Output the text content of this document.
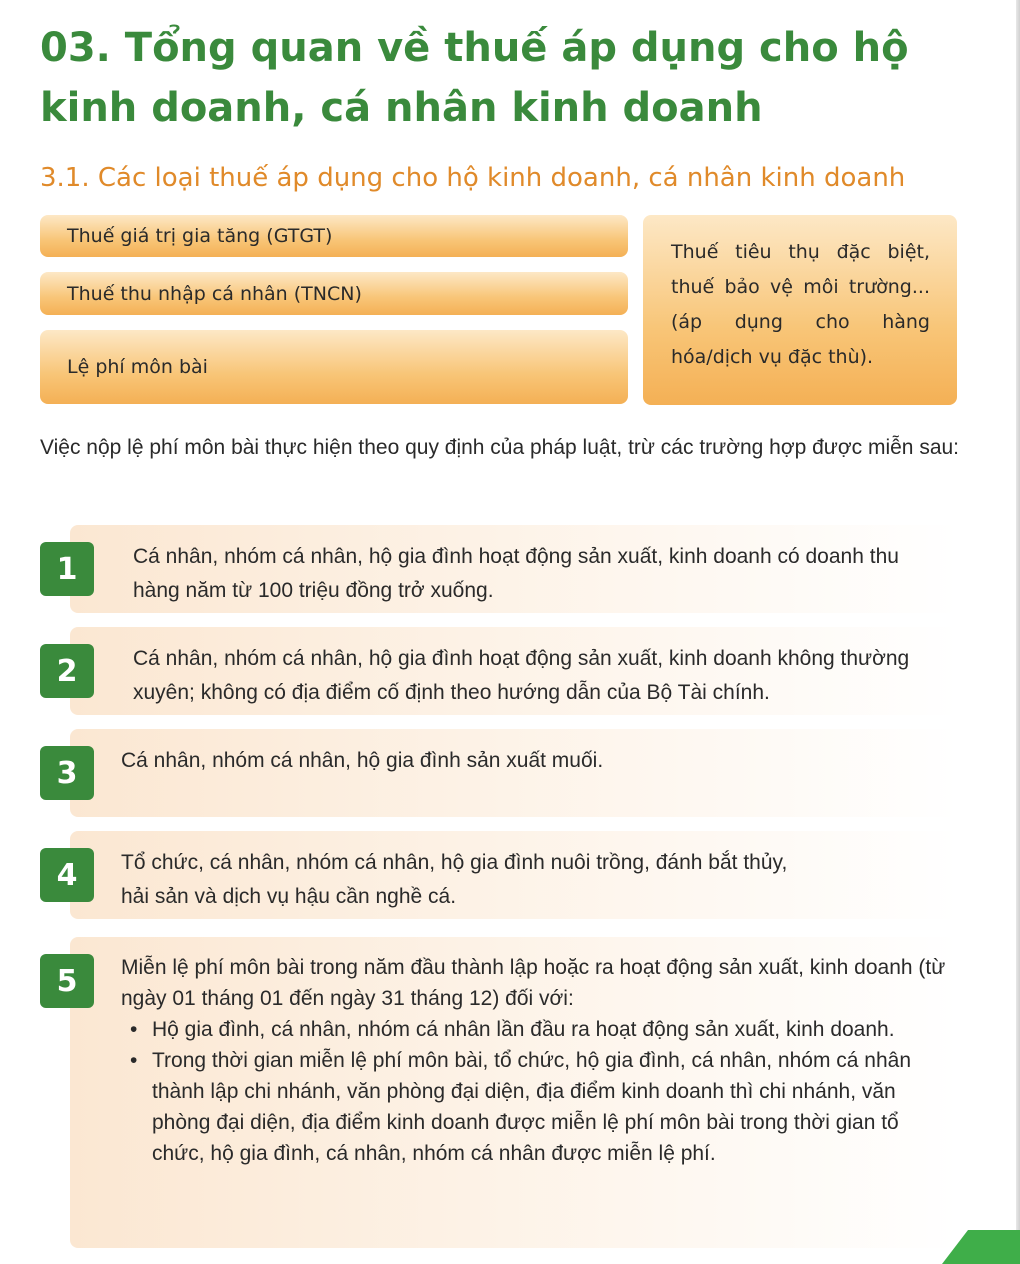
03. Tổng quan về thuế áp dụng cho hộ kinh doanh, cá nhân kinh doanh
3.1. Các loại thuế áp dụng cho hộ kinh doanh, cá nhân kinh doanh
Thuế giá trị gia tăng (GTGT)
Thuế thu nhập cá nhân (TNCN)
Lệ phí môn bài
Thuế tiêu thụ đặc biệt, thuế bảo vệ môi trường... (áp dụng cho hàng hóa/dịch vụ đặc thù).

Việc nộp lệ phí môn bài thực hiện theo quy định của pháp luật, trừ các trường hợp được miễn sau:

1	Cá nhân, nhóm cá nhân, hộ gia đình hoạt động sản xuất, kinh doanh có doanh thu hàng năm từ 100 triệu đồng trở xuống.

2	Cá nhân, nhóm cá nhân, hộ gia đình hoạt động sản xuất, kinh doanh không thường xuyên; không có địa điểm cố định theo hướng dẫn của Bộ Tài chính.

3	Cá nhân, nhóm cá nhân, hộ gia đình sản xuất muối.

4	Tổ chức, cá nhân, nhóm cá nhân, hộ gia đình nuôi trồng, đánh bắt thủy, hải sản và dịch vụ hậu cần nghề cá.

5	Miễn lệ phí môn bài trong năm đầu thành lập hoặc ra hoạt động sản xuất, kinh doanh (từ ngày 01 tháng 01 đến ngày 31 tháng 12) đối với:

• Hộ gia đình, cá nhân, nhóm cá nhân lần đầu ra hoạt động sản xuất, kinh doanh.
• Trong thời gian miễn lệ phí môn bài, tổ chức, hộ gia đình, cá nhân, nhóm cá nhân thành lập chi nhánh, văn phòng đại diện, địa điểm kinh doanh thì chi nhánh, văn phòng đại diện, địa điểm kinh doanh được miễn lệ phí môn bài trong thời gian tổ chức, hộ gia đình, cá nhân, nhóm cá nhân được miễn lệ phí.
